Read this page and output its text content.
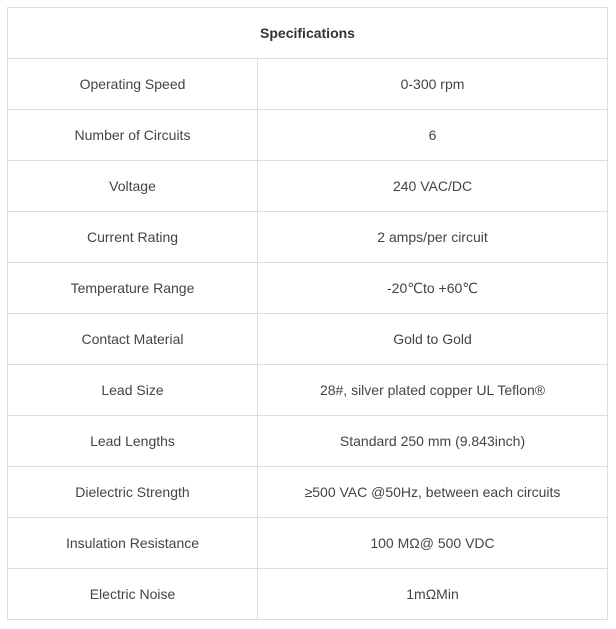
Specifications	
Operating Speed	0-300 rpm
Number of Circuits	6
Voltage	240 VAC/DC
Current Rating	2 amps/per circuit
Temperature Range	-20℃to +60℃
Contact Material	Gold to Gold
Lead Size	28#, silver plated copper UL Teflon®
Lead Lengths	Standard 250 mm (9.843inch)
Dielectric Strength	≥500 VAC @50Hz, between each circuits
Insulation Resistance	100 MΩ@ 500 VDC
Electric Noise	1mΩMin
